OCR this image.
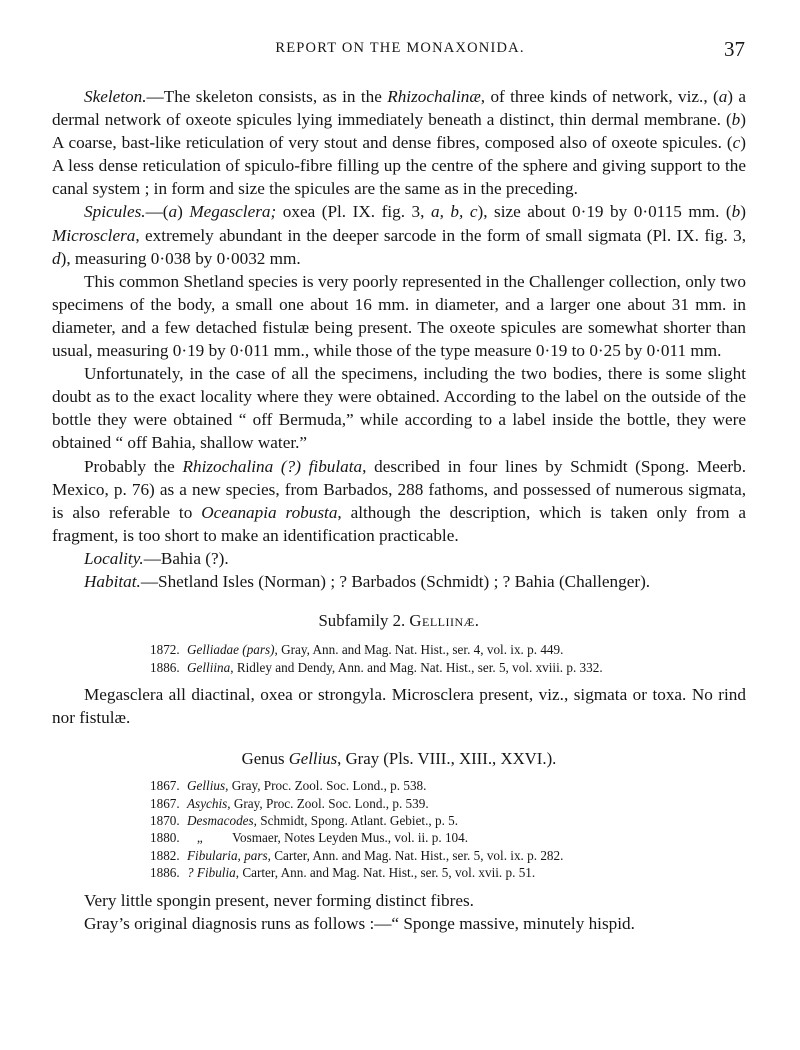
REPORT ON THE MONAXONIDA.	37

Skeleton.—The skeleton consists, as in the Rhizochalinæ, of three kinds of network, viz., (a) a dermal network of oxeote spicules lying immediately beneath a distinct, thin dermal membrane. (b) A coarse, bast-like reticulation of very stout and dense fibres, composed also of oxeote spicules. (c) A less dense reticulation of spiculo-fibre filling up the centre of the sphere and giving support to the canal system ; in form and size the spicules are the same as in the preceding.

Spicules.—(a) Megasclera; oxea (Pl. IX. fig. 3, a, b, c), size about 0·19 by 0·0115 mm. (b) Microsclera, extremely abundant in the deeper sarcode in the form of small sigmata (Pl. IX. fig. 3, d), measuring 0·038 by 0·0032 mm.

This common Shetland species is very poorly represented in the Challenger collection, only two specimens of the body, a small one about 16 mm. in diameter, and a larger one about 31 mm. in diameter, and a few detached fistulæ being present. The oxeote spicules are somewhat shorter than usual, measuring 0·19 by 0·011 mm., while those of the type measure 0·19 to 0·25 by 0·011 mm.

Unfortunately, in the case of all the specimens, including the two bodies, there is some slight doubt as to the exact locality where they were obtained. According to the label on the outside of the bottle they were obtained “ off Bermuda,” while according to a label inside the bottle, they were obtained “ off Bahia, shallow water.”

Probably the Rhizochalina (?) fibulata, described in four lines by Schmidt (Spong. Meerb. Mexico, p. 76) as a new species, from Barbados, 288 fathoms, and possessed of numerous sigmata, is also referable to Oceanapia robusta, although the description, which is taken only from a fragment, is too short to make an identification practicable.

Locality.—Bahia (?).

Habitat.—Shetland Isles (Norman) ; ? Barbados (Schmidt) ; ? Bahia (Challenger).

Subfamily 2. Gelliinæ.
1872. Gelliadae (pars), Gray, Ann. and Mag. Nat. Hist., ser. 4, vol. ix. p. 449.
1886. Gelliina, Ridley and Dendy, Ann. and Mag. Nat. Hist., ser. 5, vol. xviii. p. 332.

Megasclera all diactinal, oxea or strongyla. Microsclera present, viz., sigmata or toxa. No rind nor fistulæ.

Genus Gellius, Gray (Pls. VIII., XIII., XXVI.).
1867. Gellius, Gray, Proc. Zool. Soc. Lond., p. 538.
1867. Asychis, Gray, Proc. Zool. Soc. Lond., p. 539.
1870. Desmacodes, Schmidt, Spong. Atlant. Gebiet., p. 5.
1880.   „         Vosmaer, Notes Leyden Mus., vol. ii. p. 104.
1882. Fibularia, pars, Carter, Ann. and Mag. Nat. Hist., ser. 5, vol. ix. p. 282.
1886. ? Fibulia, Carter, Ann. and Mag. Nat. Hist., ser. 5, vol. xvii. p. 51.

Very little spongin present, never forming distinct fibres.

Gray’s original diagnosis runs as follows :—“ Sponge massive, minutely hispid.
